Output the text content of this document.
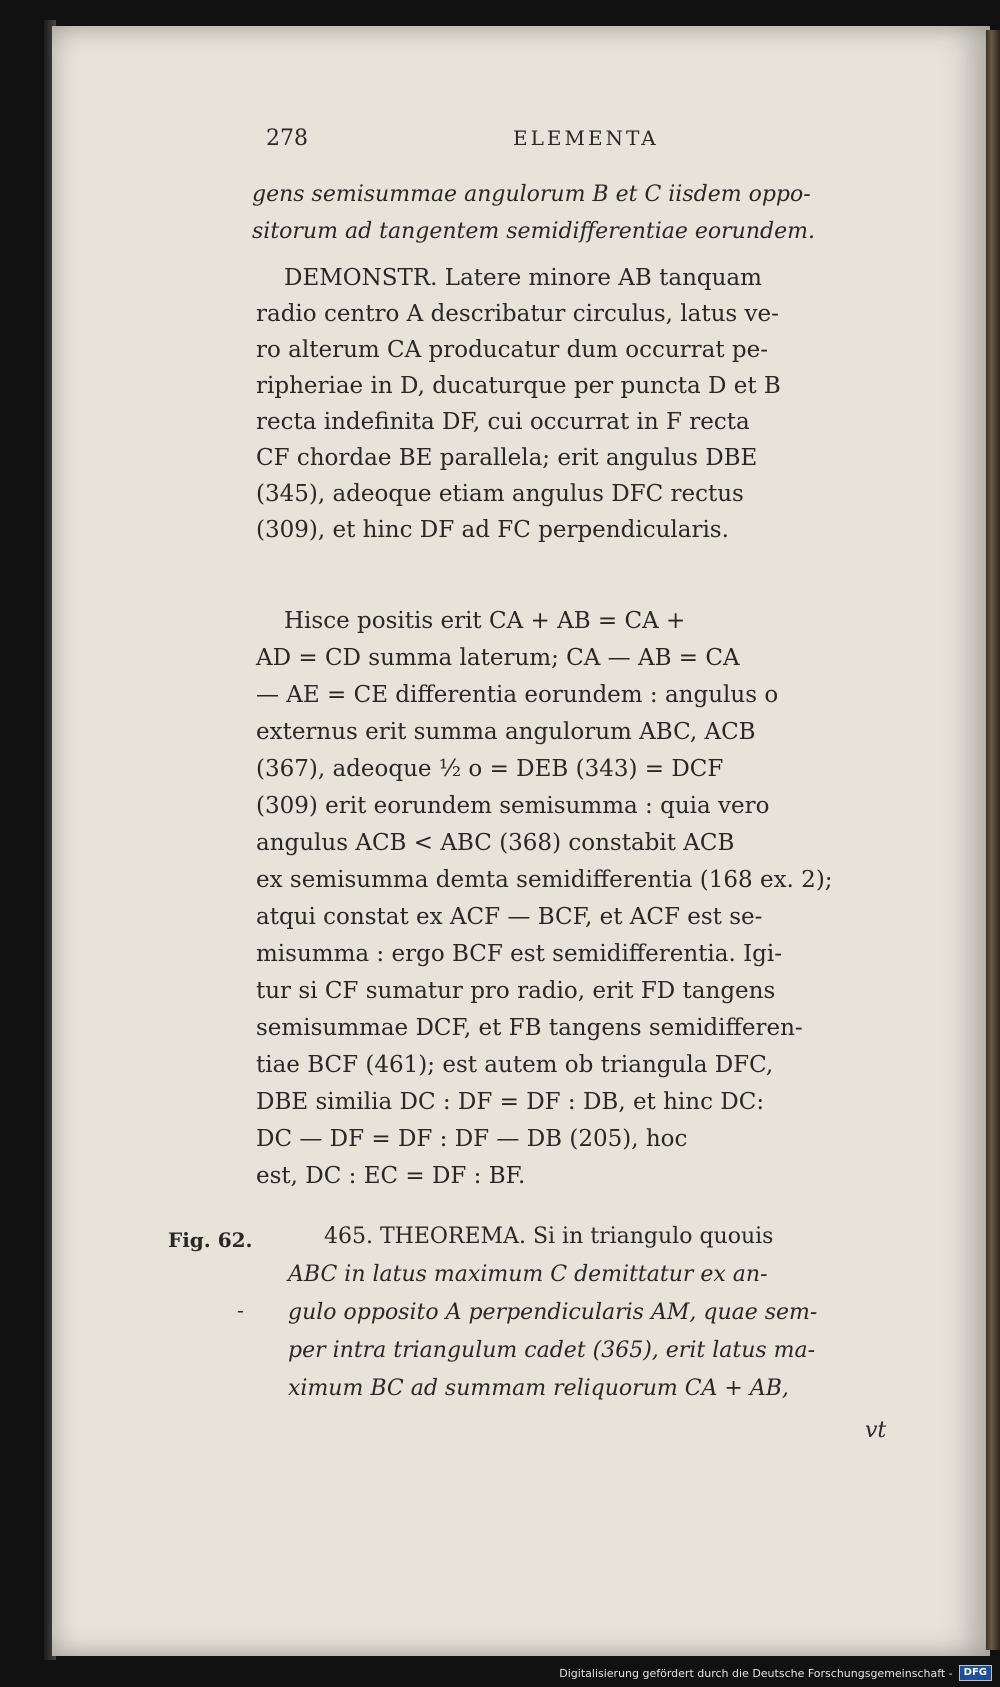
278	ELEMENTA
gens semisummae angulorum B et C iisdem oppo-
sitorum ad tangentem semidifferentiae eorundem.
DEMONSTR. Latere minore AB tanquam
radio centro A describatur circulus, latus ve-
ro alterum CA producatur dum occurrat pe-
ripheriae in D, ducaturque per puncta D et B
recta indefinita DF, cui occurrat in F recta
CF chordae BE parallela; erit angulus DBE
(345), adeoque etiam angulus DFC rectus
(309), et hinc DF ad FC perpendicularis.
Hisce positis erit CA + AB = CA +
AD = CD summa laterum; CA — AB = CA
— AE = CE differentia eorundem : angulus o
externus erit summa angulorum ABC, ACB
(367), adeoque ½ o = DEB (343) = DCF
(309) erit eorundem semisumma : quia vero
angulus ACB < ABC (368) constabit ACB
ex semisumma demta semidifferentia (168 ex. 2);
atqui constat ex ACF — BCF, et ACF est se-
misumma : ergo BCF est semidifferentia. Igi-
tur si CF sumatur pro radio, erit FD tangens
semisummae DCF, et FB tangens semidifferen-
tiae BCF (461); est autem ob triangula DFC,
DBE similia DC : DF = DF : DB, et hinc DC:
DC — DF = DF : DF — DB (205), hoc
est, DC : EC = DF : BF.
Fig. 62.
-
465. THEOREMA. Si in triangulo quouis
ABC in latus maximum C demittatur ex an-
gulo opposito A perpendicularis AM, quae sem-
per intra triangulum cadet (365), erit latus ma-
ximum BC ad summam reliquorum CA + AB,
vt
Digitalisierung gefördert durch die Deutsche Forschungsgemeinschaft -	DFG
